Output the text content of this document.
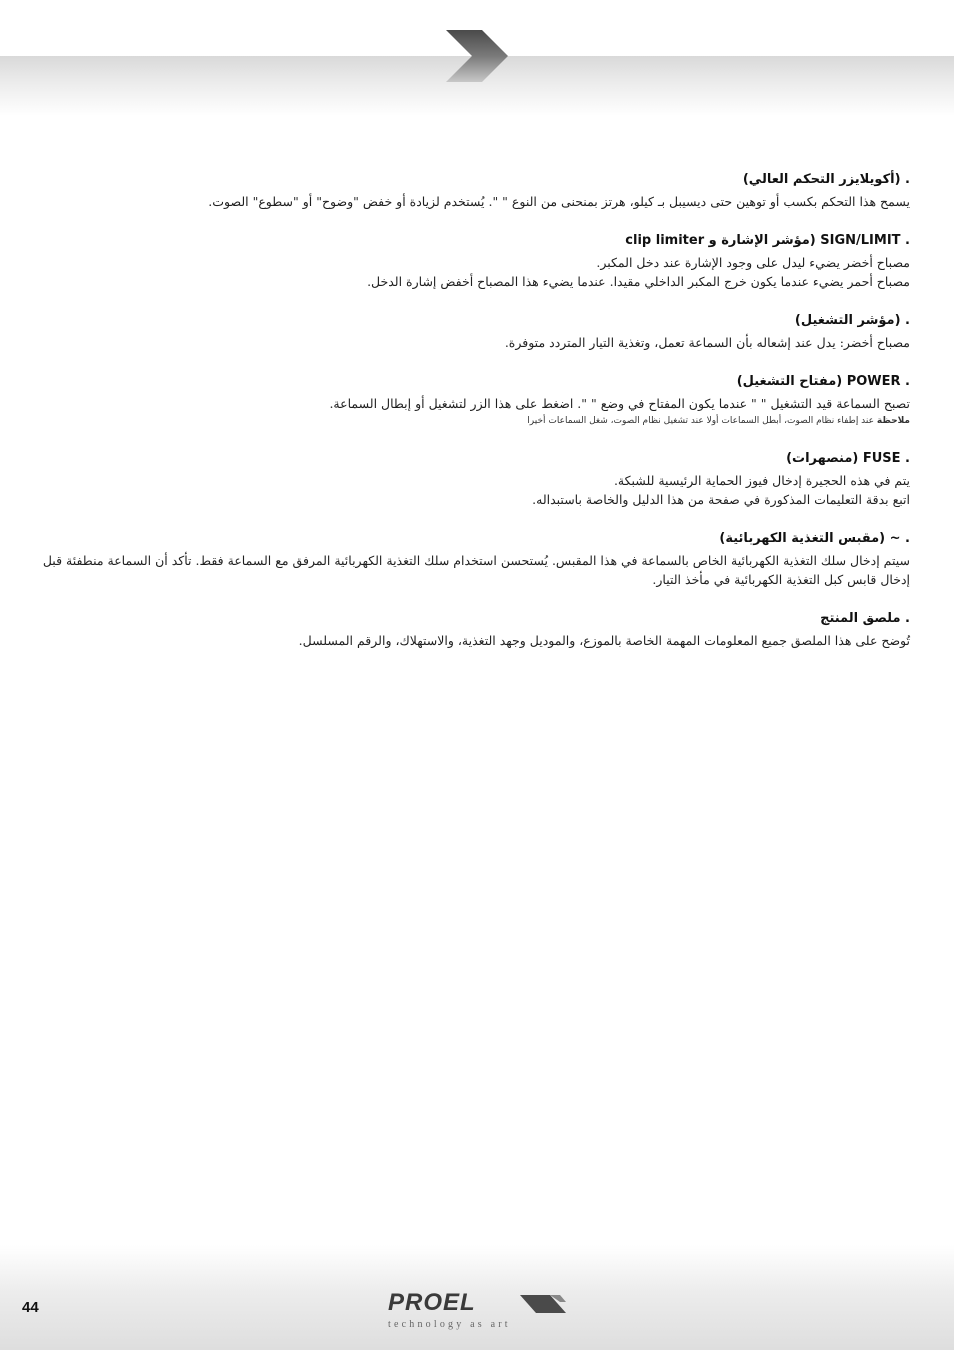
. (أكويلايزر التحكم العالي)
يسمح هذا التحكم بكسب أو توهين حتى ديسيبل بـ كيلو، هرتز بمنحنى من النوع " ". يُستخدم لزيادة أو خفض "وضوح" أو "سطوع" الصوت.
. SIGN/LIMIT (مؤشر الإشارة و clip limiter
مصباح أخضر يضيء ليدل على وجود الإشارة عند دخل المكبر.
مصباح أحمر يضيء عندما يكون خرج المكبر الداخلي مقيدا. عندما يضيء هذا المصباح أخفض إشارة الدخل.
. (مؤشر التشغيل)
مصباح أخضر: يدل عند إشعاله بأن السماعة تعمل، وتغذية التيار المتردد متوفرة.
. POWER (مفتاح التشغيل)
تصبح السماعة قيد التشغيل " " عندما يكون المفتاح في وضع " ". اضغط على هذا الزر لتشغيل أو إبطال السماعة.
ملاحظة عند إطفاء نظام الصوت، أبطل السماعات أولا عند تشغيل نظام الصوت، شغل السماعات أخيرا
. FUSE (منصهرات)
يتم في هذه الحجيرة إدخال فيوز الحماية الرئيسية للشبكة.
اتبع بدقة التعليمات المذكورة في صفحة من هذا الدليل والخاصة باستبداله.
. ~ (مقبس التغذية الكهربائية)
سيتم إدخال سلك التغذية الكهربائية الخاص بالسماعة في هذا المقبس. يُستحسن استخدام سلك التغذية الكهربائية المرفق مع السماعة فقط. تأكد أن السماعة منطفئة قبل
إدخال قابس كبل التغذية الكهربائية في مأخذ التيار.
. ملصق المنتج
تُوضح على هذا الملصق جميع المعلومات المهمة الخاصة بالموزع، والموديل وجهد التغذية، والاستهلاك، والرقم المسلسل.
44	PROEL
technology as art
